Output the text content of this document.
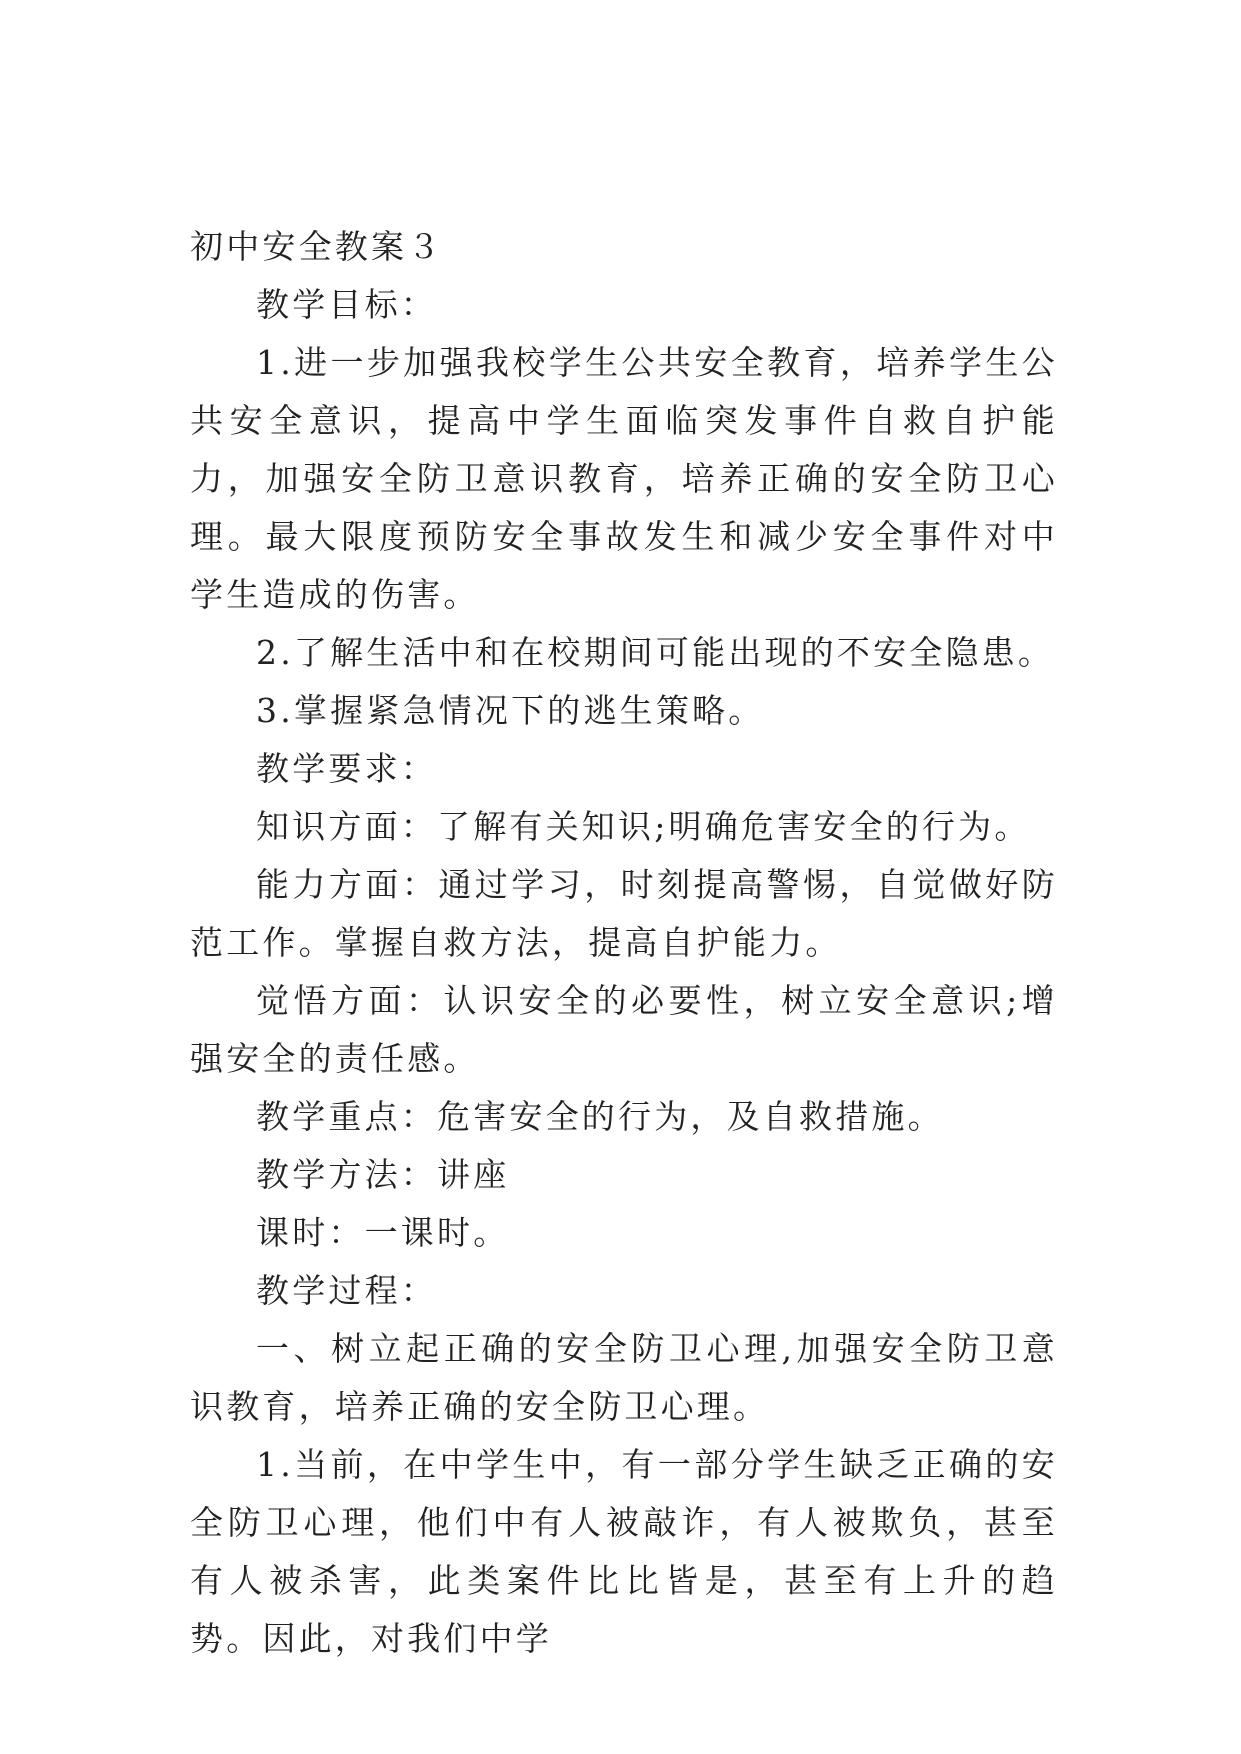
初中安全教案３

教学目标：

1.进一步加强我校学生公共安全教育，培养学生公共安全意识，提高中学生面临突发事件自救自护能力，加强安全防卫意识教育，培养正确的安全防卫心理。最大限度预防安全事故发生和减少安全事件对中学生造成的伤害。

2.了解生活中和在校期间可能出现的不安全隐患。

3.掌握紧急情况下的逃生策略。

教学要求：

知识方面：了解有关知识;明确危害安全的行为。

能力方面：通过学习，时刻提高警惕，自觉做好防范工作。掌握自救方法，提高自护能力。

觉悟方面：认识安全的必要性，树立安全意识;增强安全的责任感。

教学重点：危害安全的行为，及自救措施。

教学方法：讲座

课时：一课时。

教学过程：

一、树立起正确的安全防卫心理,加强安全防卫意识教育，培养正确的安全防卫心理。

1.当前，在中学生中，有一部分学生缺乏正确的安全防卫心理，他们中有人被敲诈，有人被欺负，甚至有人被杀害，此类案件比比皆是，甚至有上升的趋势。因此，对我们中学
